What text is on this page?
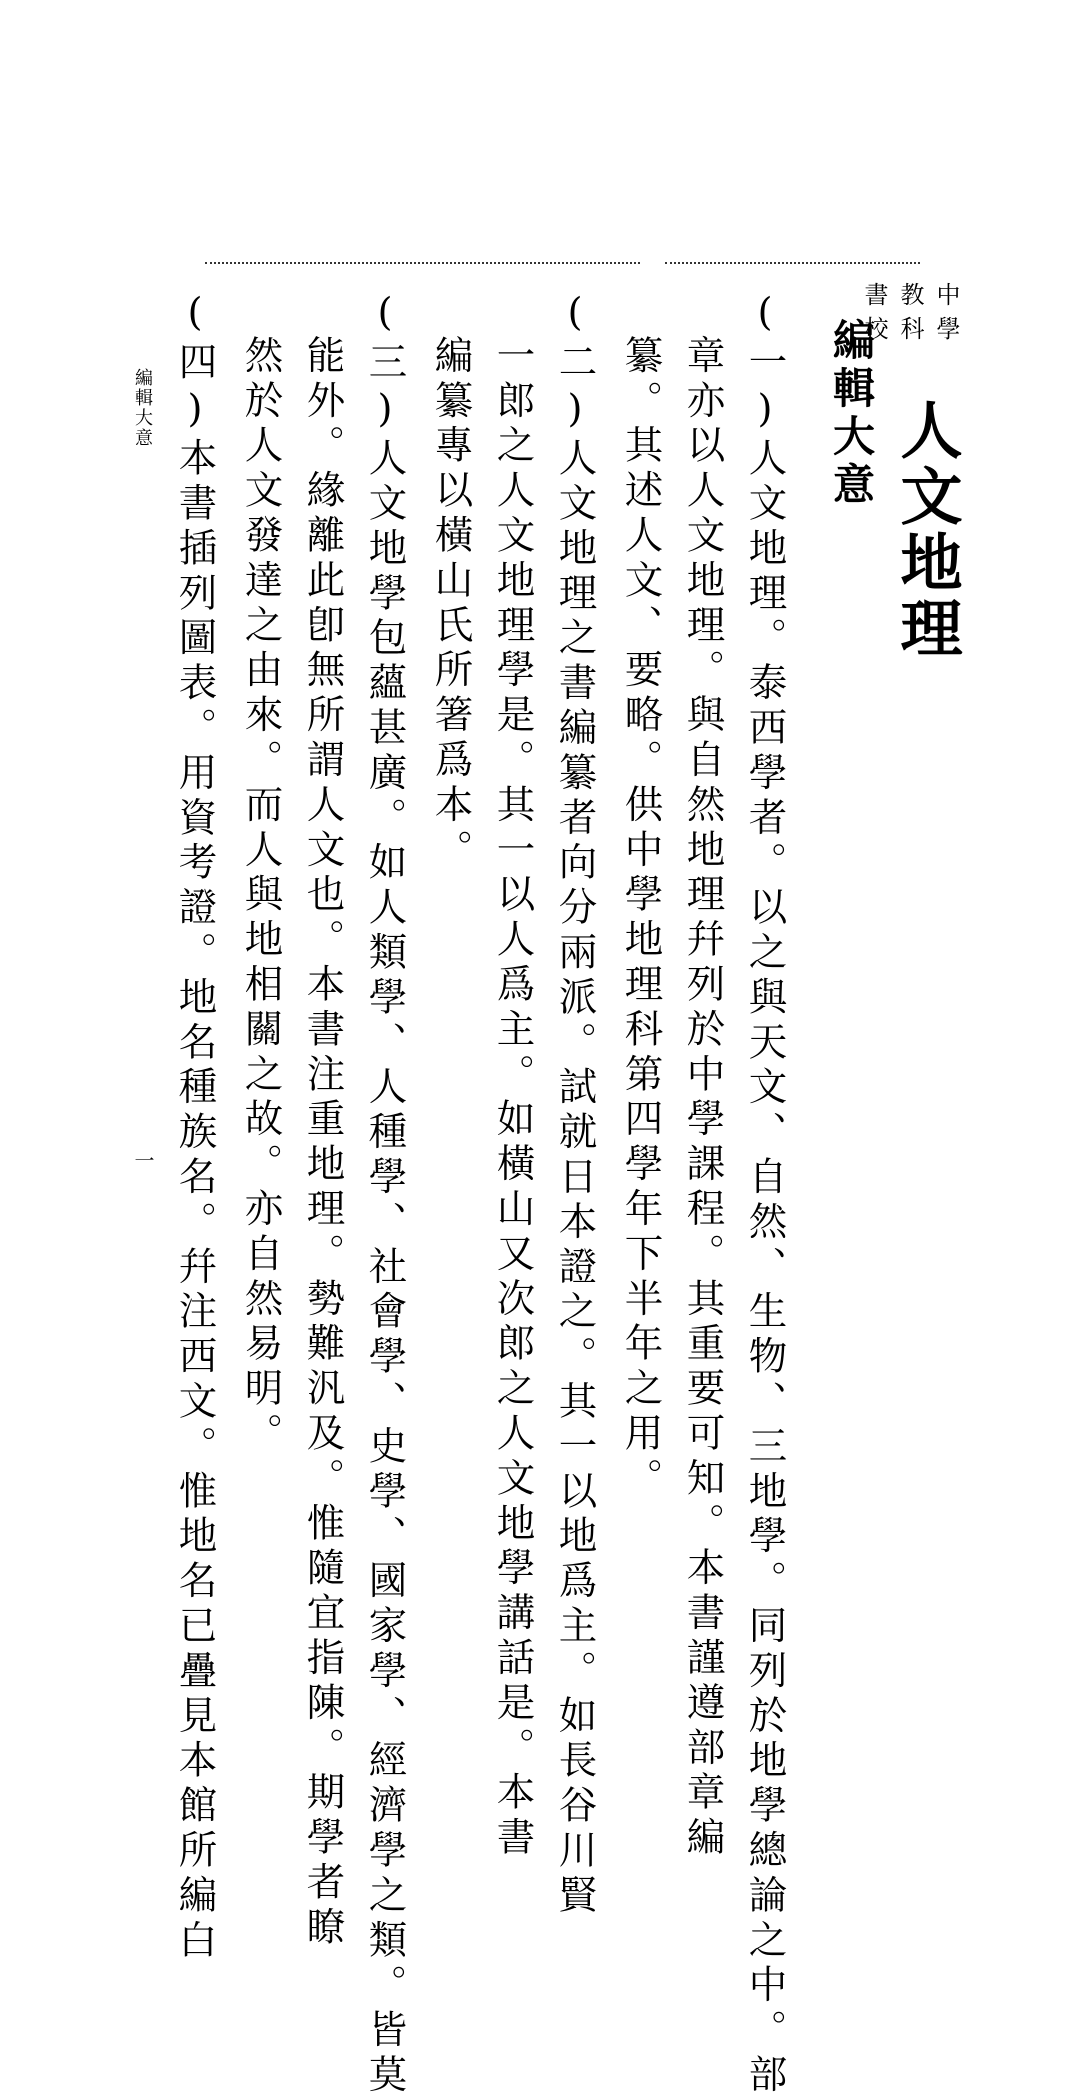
中學
教科
書校
人文地理
編輯大意
(一)人文地理。泰西學者。以之與天文、自然、生物、三地學。同列於地學總論之中。部
章亦以人文地理。與自然地理幷列於中學課程。其重要可知。本書謹遵部章編
纂。其述人文、要略。供中學地理科第四學年下半年之用。
(二)人文地理之書編纂者向分兩派。試就日本證之。其一以地爲主。如長谷川賢
一郎之人文地理學是。其一以人爲主。如橫山又次郎之人文地學講話是。本書
編纂專以橫山氏所箸爲本。
(三)人文地學包蘊甚廣。如人類學、人種學、社會學、史學、國家學、經濟學之類。皆莫
能外。緣離此卽無所謂人文也。本書注重地理。勢難汎及。惟隨宜指陳。期學者瞭
然於人文發達之由來。而人與地相關之故。亦自然易明。
(四)本書插列圖表。用資考證。地名種族名。幷注西文。惟地名已疊見本館所編白
編輯大意
一
